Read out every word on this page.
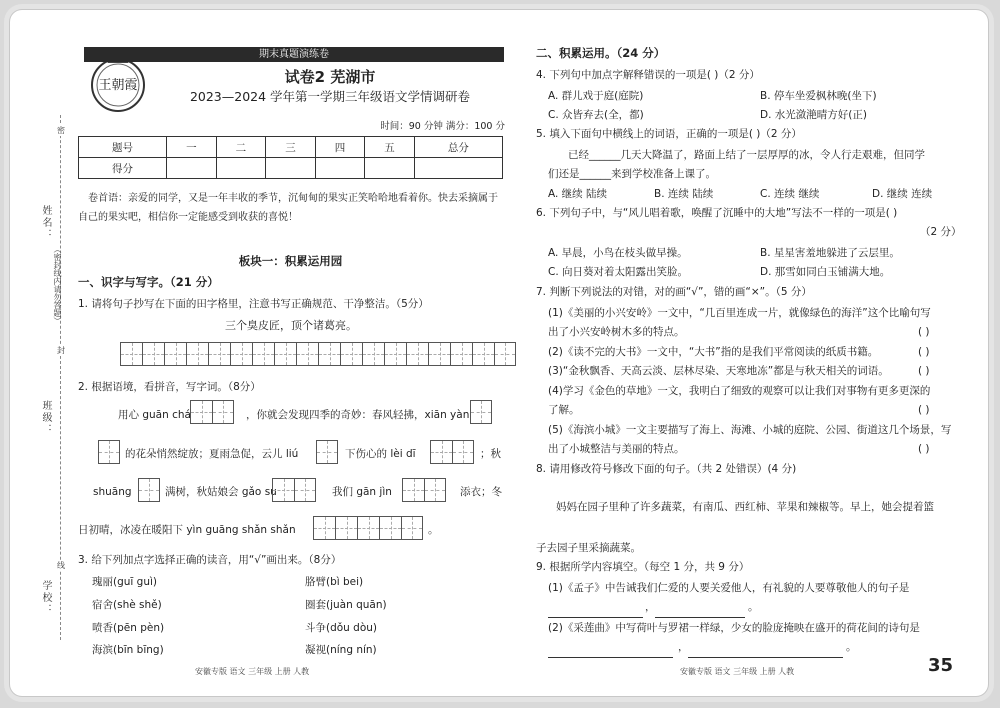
姓名：
班级：
学校：
（密封线内请勿答题）
密
封
线
王朝霞
期末真题演练卷
试卷2 芜湖市
2023—2024 学年第一学期三年级语文学情调研卷
时间：90 分钟 满分：100 分
题号	一	二	三	四	五	总分
得分						
卷首语：亲爱的同学，又是一年丰收的季节，沉甸甸的果实正笑哈哈地看着你。快去采摘属于
自己的果实吧，相信你一定能感受到收获的喜悦！
板块一：积累运用园
一、识字与写字。（21 分）
1. 请将句子抄写在下面的田字格里，注意书写正确规范、干净整洁。（5分）
三个臭皮匠，顶个诸葛亮。
2. 根据语境，看拼音，写字词。（8分）
用心 guān chá	，你就会发现四季的奇妙：春风轻拂，xiān yàn
的花朵悄然绽放；夏雨急促，云儿 liú	下伤心的 lèi dī	；秋
shuāng	满树，秋姑娘会 gǎo su	我们 gān jìn	添衣；冬
日初晴，冰凌在暖阳下 yìn guāng shǎn shǎn	。
3. 给下列加点字选择正确的读音，用“√”画出来。（8分）
瑰丽(guī guì)	胳臂(bì bei)
宿舍(shè shě)	圈套(juàn quān)
喷香(pēn pèn)	斗争(dǒu dòu)
海滨(bīn bīng)	凝视(níng nín)
安徽专版 语文 三年级 上册 人教
二、积累运用。（24 分）
4. 下列句中加点字解释错误的一项是( )（2 分）
A. 群儿戏于庭(庭院)	B. 停车坐爱枫林晚(坐下)
C. 众皆弃去(全，都)	D. 水光潋滟晴方好(正)
5. 填入下面句中横线上的词语，正确的一项是( )（2 分）
已经______几天大降温了，路面上结了一层厚厚的冰，令人行走艰难，但同学
们还是______来到学校准备上课了。
A. 继续 陆续	B. 连续 陆续	C. 连续 继续	D. 继续 连续
6. 下列句子中，与“风儿唱着歌，唤醒了沉睡中的大地”写法不一样的一项是( )
（2 分）
A. 早晨，小鸟在枝头做早操。	B. 星星害羞地躲进了云层里。
C. 向日葵对着太阳露出笑脸。	D. 那雪如同白玉铺满大地。
7. 判断下列说法的对错，对的画“√”，错的画“×”。（5 分）
(1)《美丽的小兴安岭》一文中，“几百里连成一片，就像绿色的海洋”这个比喻句写
出了小兴安岭树木多的特点。	( )
(2)《读不完的大书》一文中，“大书”指的是我们平常阅读的纸质书籍。	( )
(3)“金秋飘香、天高云淡、层林尽染、天寒地冻”都是与秋天相关的词语。	( )
(4)学习《金色的草地》一文，我明白了细致的观察可以让我们对事物有更多更深的
了解。	( )
(5)《海滨小城》一文主要描写了海上、海滩、小城的庭院、公园、街道这几个场景，写
出了小城整洁与美丽的特点。	( )
8. 请用修改符号修改下面的句子。（共 2 处错误）(4 分)
妈妈在园子里种了许多蔬菜，有南瓜、西红柿、苹果和辣椒等。早上，她会提着篮
子去园子里采摘蔬菜。
9. 根据所学内容填空。（每空 1 分，共 9 分）
(1)《孟子》中告诫我们仁爱的人要关爱他人，有礼貌的人要尊敬他人的句子是
，	。
(2)《采莲曲》中写荷叶与罗裙一样绿，少女的脸庞掩映在盛开的荷花间的诗句是
，	。
安徽专版 语文 三年级 上册 人教	35
